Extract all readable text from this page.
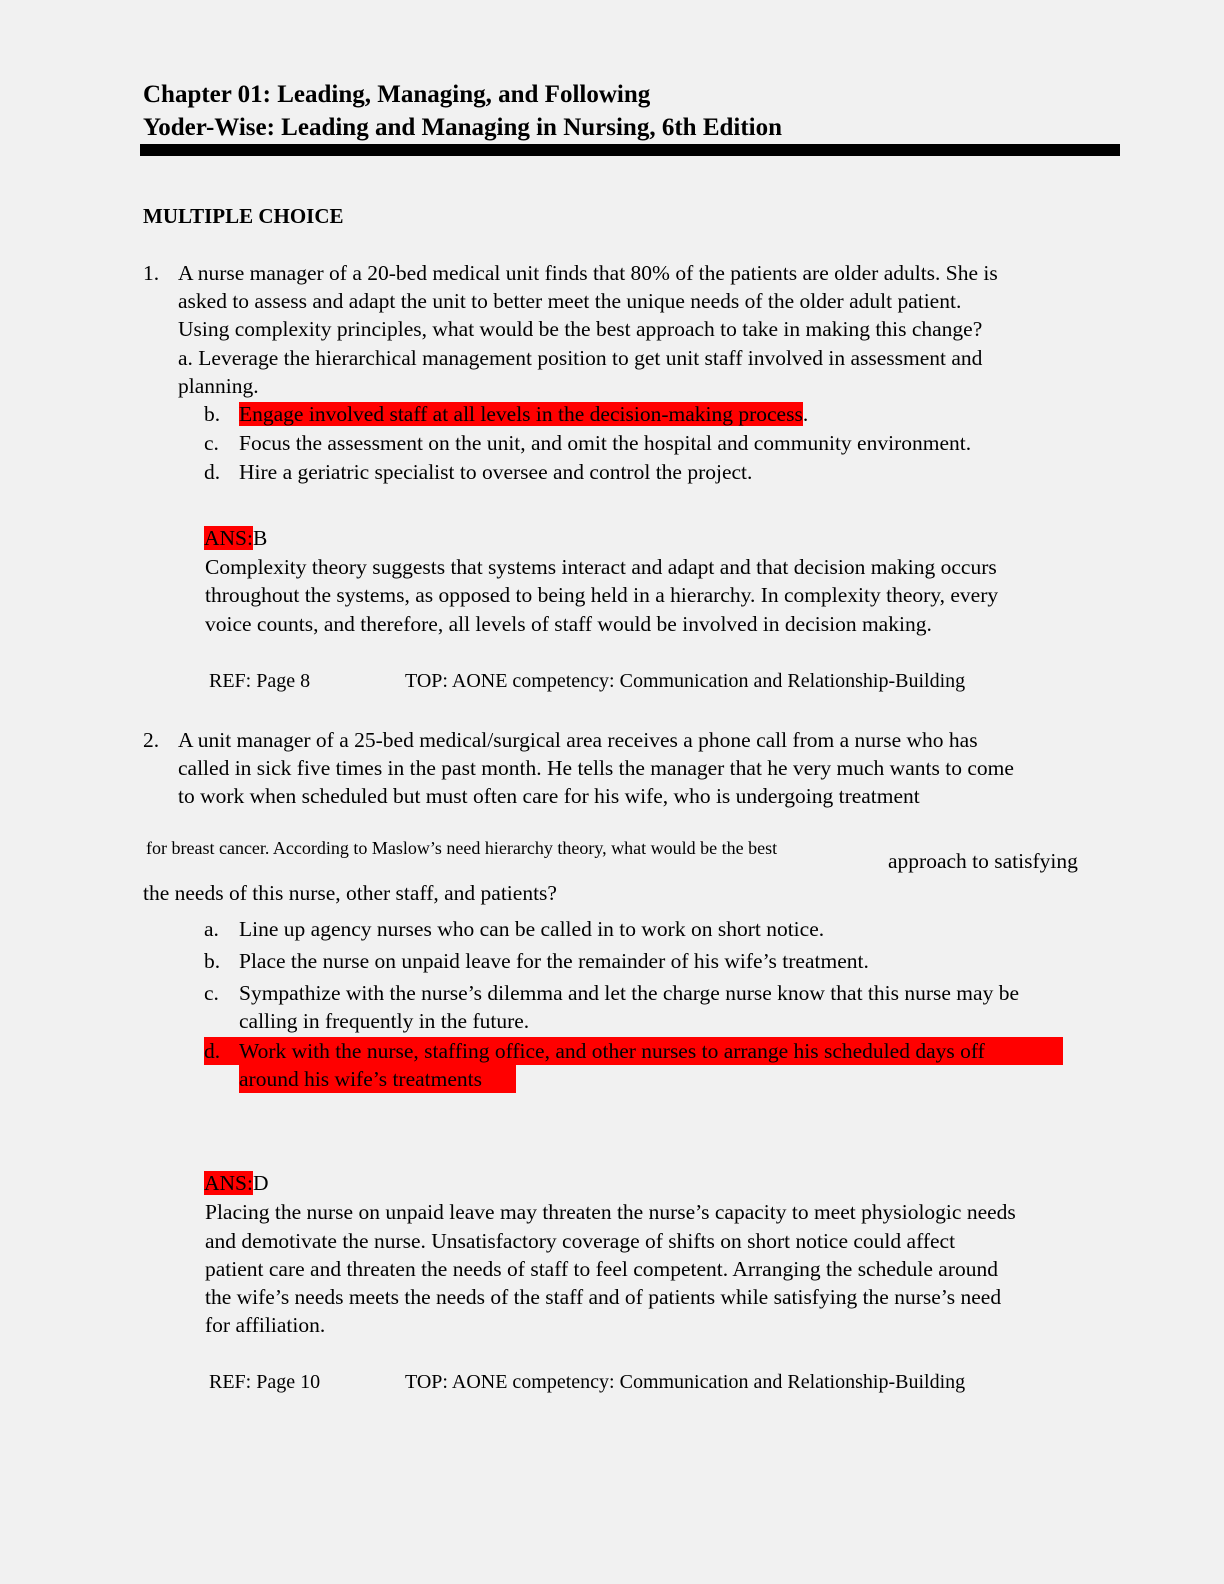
Chapter 01: Leading, Managing, and Following
Yoder-Wise: Leading and Managing in Nursing, 6th Edition
MULTIPLE CHOICE
1. A nurse manager of a 20-bed medical unit finds that 80% of the patients are older adults. She is
asked to assess and adapt the unit to better meet the unique needs of the older adult patient.
Using complexity principles, what would be the best approach to take in making this change?
a. Leverage the hierarchical management position to get unit staff involved in assessment and
planning.
b. Engage involved staff at all levels in the decision-making process.
c. Focus the assessment on the unit, and omit the hospital and community environment.
d. Hire a geriatric specialist to oversee and control the project.
ANS:B
Complexity theory suggests that systems interact and adapt and that decision making occurs
throughout the systems, as opposed to being held in a hierarchy. In complexity theory, every
voice counts, and therefore, all levels of staff would be involved in decision making.
REF: Page 8	TOP: AONE competency: Communication and Relationship-Building
2. A unit manager of a 25-bed medical/surgical area receives a phone call from a nurse who has
called in sick five times in the past month. He tells the manager that he very much wants to come
to work when scheduled but must often care for his wife, who is undergoing treatment
for breast cancer. According to Maslow’s need hierarchy theory, what would be the best
approach to satisfying
the needs of this nurse, other staff, and patients?
a. Line up agency nurses who can be called in to work on short notice.
b. Place the nurse on unpaid leave for the remainder of his wife’s treatment.
c. Sympathize with the nurse’s dilemma and let the charge nurse know that this nurse may be
calling in frequently in the future.
d. Work with the nurse, staffing office, and other nurses to arrange his scheduled days off
around his wife’s treatments
ANS:D
Placing the nurse on unpaid leave may threaten the nurse’s capacity to meet physiologic needs
and demotivate the nurse. Unsatisfactory coverage of shifts on short notice could affect
patient care and threaten the needs of staff to feel competent. Arranging the schedule around
the wife’s needs meets the needs of the staff and of patients while satisfying the nurse’s need
for affiliation.
REF: Page 10	TOP: AONE competency: Communication and Relationship-Building
